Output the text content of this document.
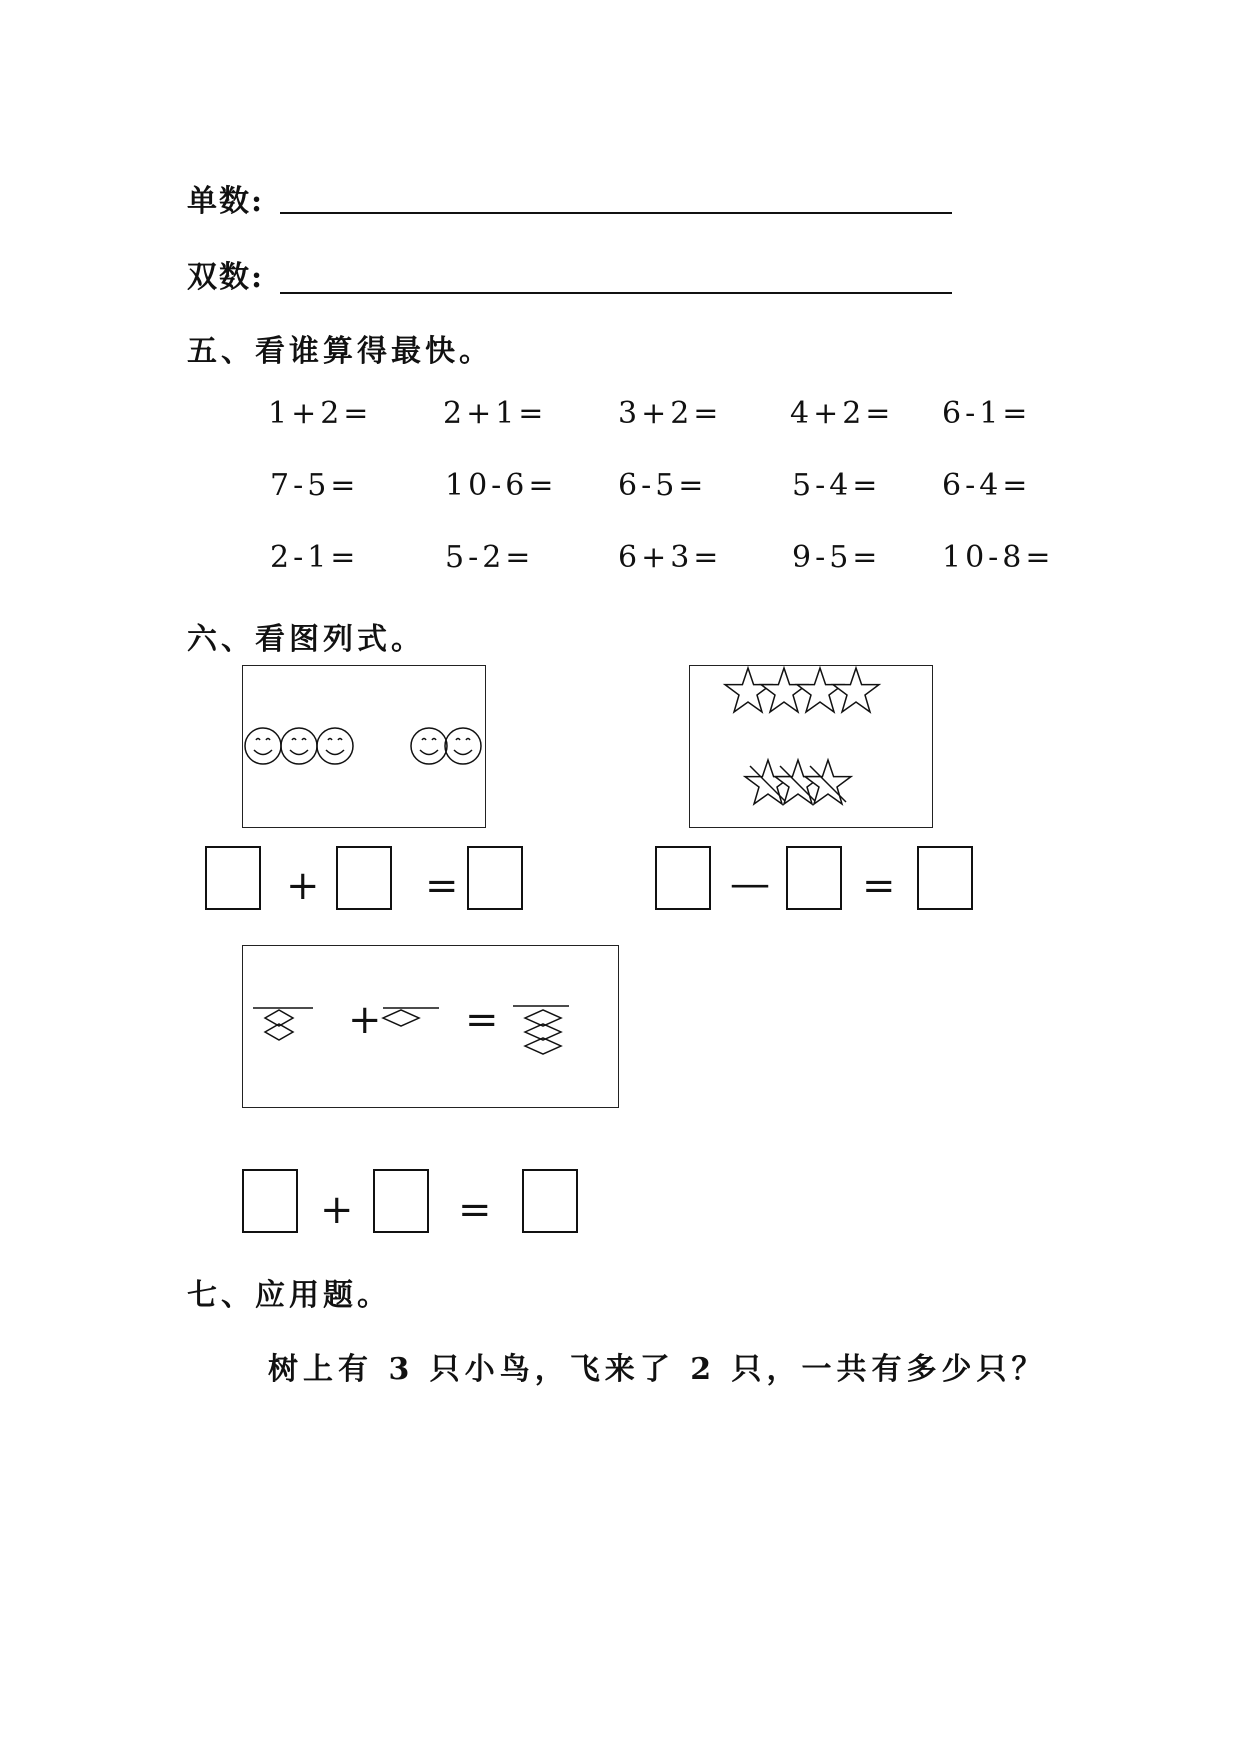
单数:
双数:
五、看谁算得最快。
1+2= 2+1= 3+2= 4+2= 6-1=
7-5=	10-6= 6-5=	5-4= 6-4=
2-1=	5-2=	6+3= 9-5= 10-8=
六、看图列式。
+	=	— =
+ =
+	=
七、应用题。
树上有 3 只小鸟，飞来了 2 只，一共有多少只？
